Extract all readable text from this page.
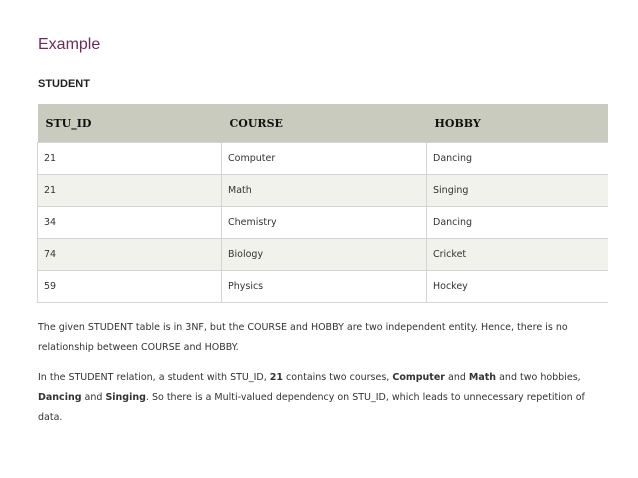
Example
STUDENT
STU_ID	COURSE	HOBBY
21	Computer	Dancing
21	Math	Singing
34	Chemistry	Dancing
74	Biology	Cricket
59	Physics	Hockey

The given STUDENT table is in 3NF, but the COURSE and HOBBY are two independent entity. Hence, there is no relationship between COURSE and HOBBY.

In the STUDENT relation, a student with STU_ID, 21 contains two courses, Computer and Math and two hobbies, Dancing and Singing. So there is a Multi-valued dependency on STU_ID, which leads to unnecessary repetition of data.
